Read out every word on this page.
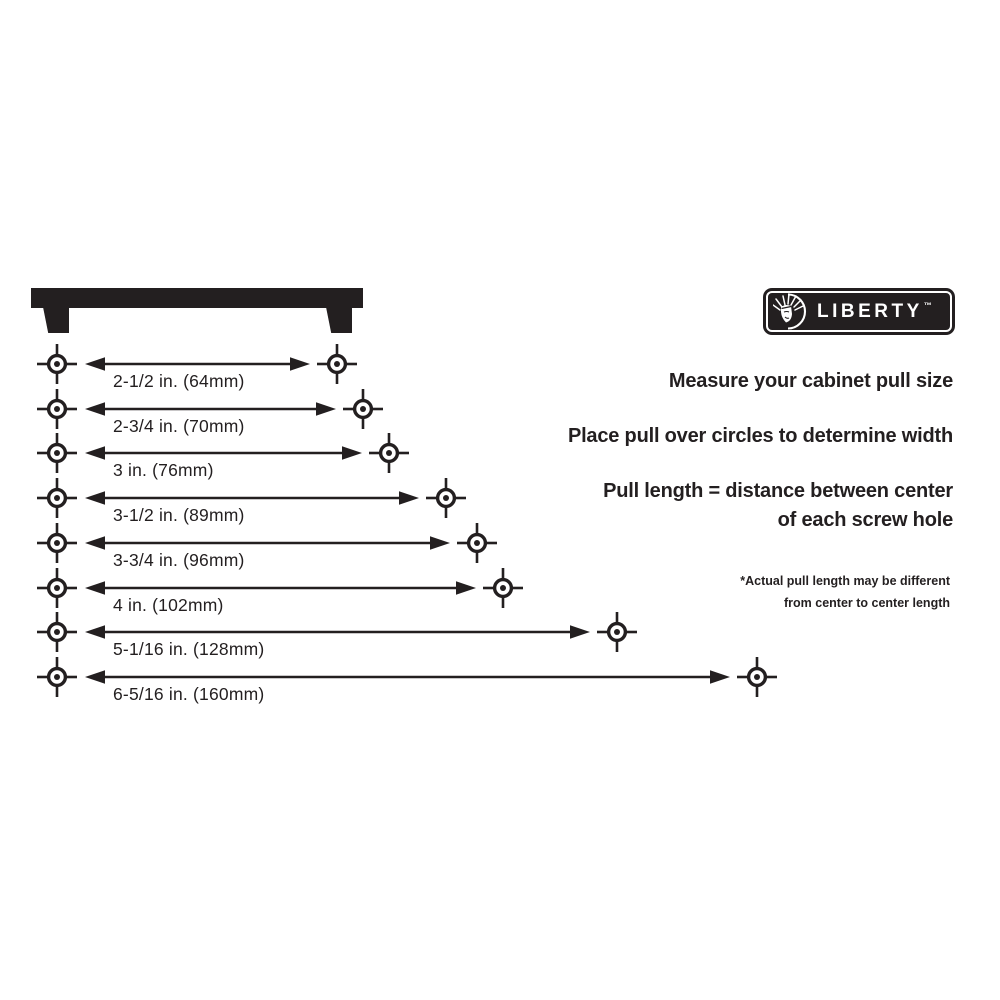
LIBERTY™

Measure your cabinet pull size

Place pull over circles to determine width

Pull length = distance between center
of each screw hole

*Actual pull length may be different
from center to center length
2-1/2 in. (64mm)
2-3/4 in. (70mm)
3 in. (76mm)
3-1/2 in. (89mm)
3-3/4 in. (96mm)
4 in. (102mm)
5-1/16 in. (128mm)
6-5/16 in. (160mm)
